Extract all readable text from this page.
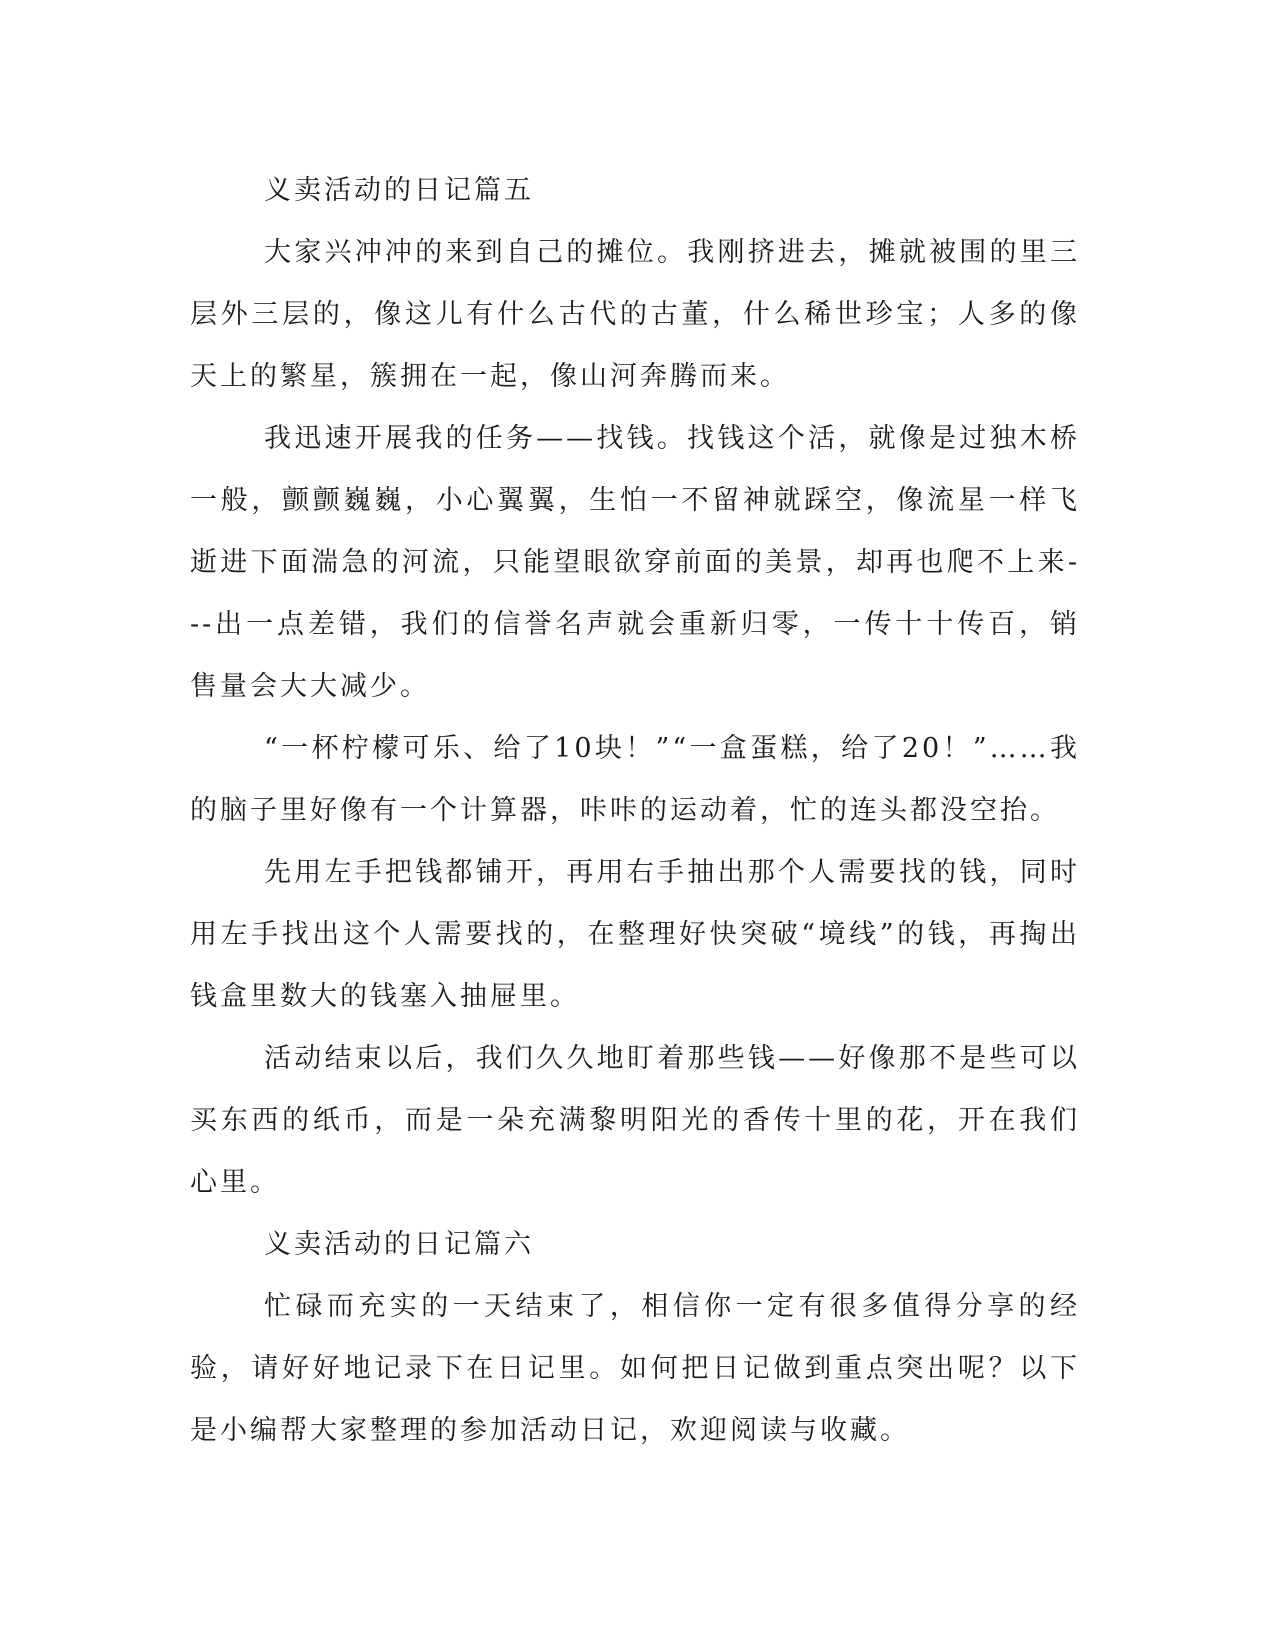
义卖活动的日记篇五

大家兴冲冲的来到自己的摊位。我刚挤进去，摊就被围的里三层外三层的，像这儿有什么古代的古董，什么稀世珍宝；人多的像天上的繁星，簇拥在一起，像山河奔腾而来。

我迅速开展我的任务——找钱。找钱这个活，就像是过独木桥一般，颤颤巍巍，小心翼翼，生怕一不留神就踩空，像流星一样飞逝进下面湍急的河流，只能望眼欲穿前面的美景，却再也爬不上来---出一点差错，我们的信誉名声就会重新归零，一传十十传百，销售量会大大减少。

“一杯柠檬可乐、给了10块！”“一盒蛋糕，给了20！”……我的脑子里好像有一个计算器，咔咔的运动着，忙的连头都没空抬。

先用左手把钱都铺开，再用右手抽出那个人需要找的钱，同时用左手找出这个人需要找的，在整理好快突破“境线”的钱，再掏出钱盒里数大的钱塞入抽屉里。

活动结束以后，我们久久地盯着那些钱——好像那不是些可以买东西的纸币，而是一朵充满黎明阳光的香传十里的花，开在我们心里。

义卖活动的日记篇六

忙碌而充实的一天结束了，相信你一定有很多值得分享的经验，请好好地记录下在日记里。如何把日记做到重点突出呢？以下是小编帮大家整理的参加活动日记，欢迎阅读与收藏。
